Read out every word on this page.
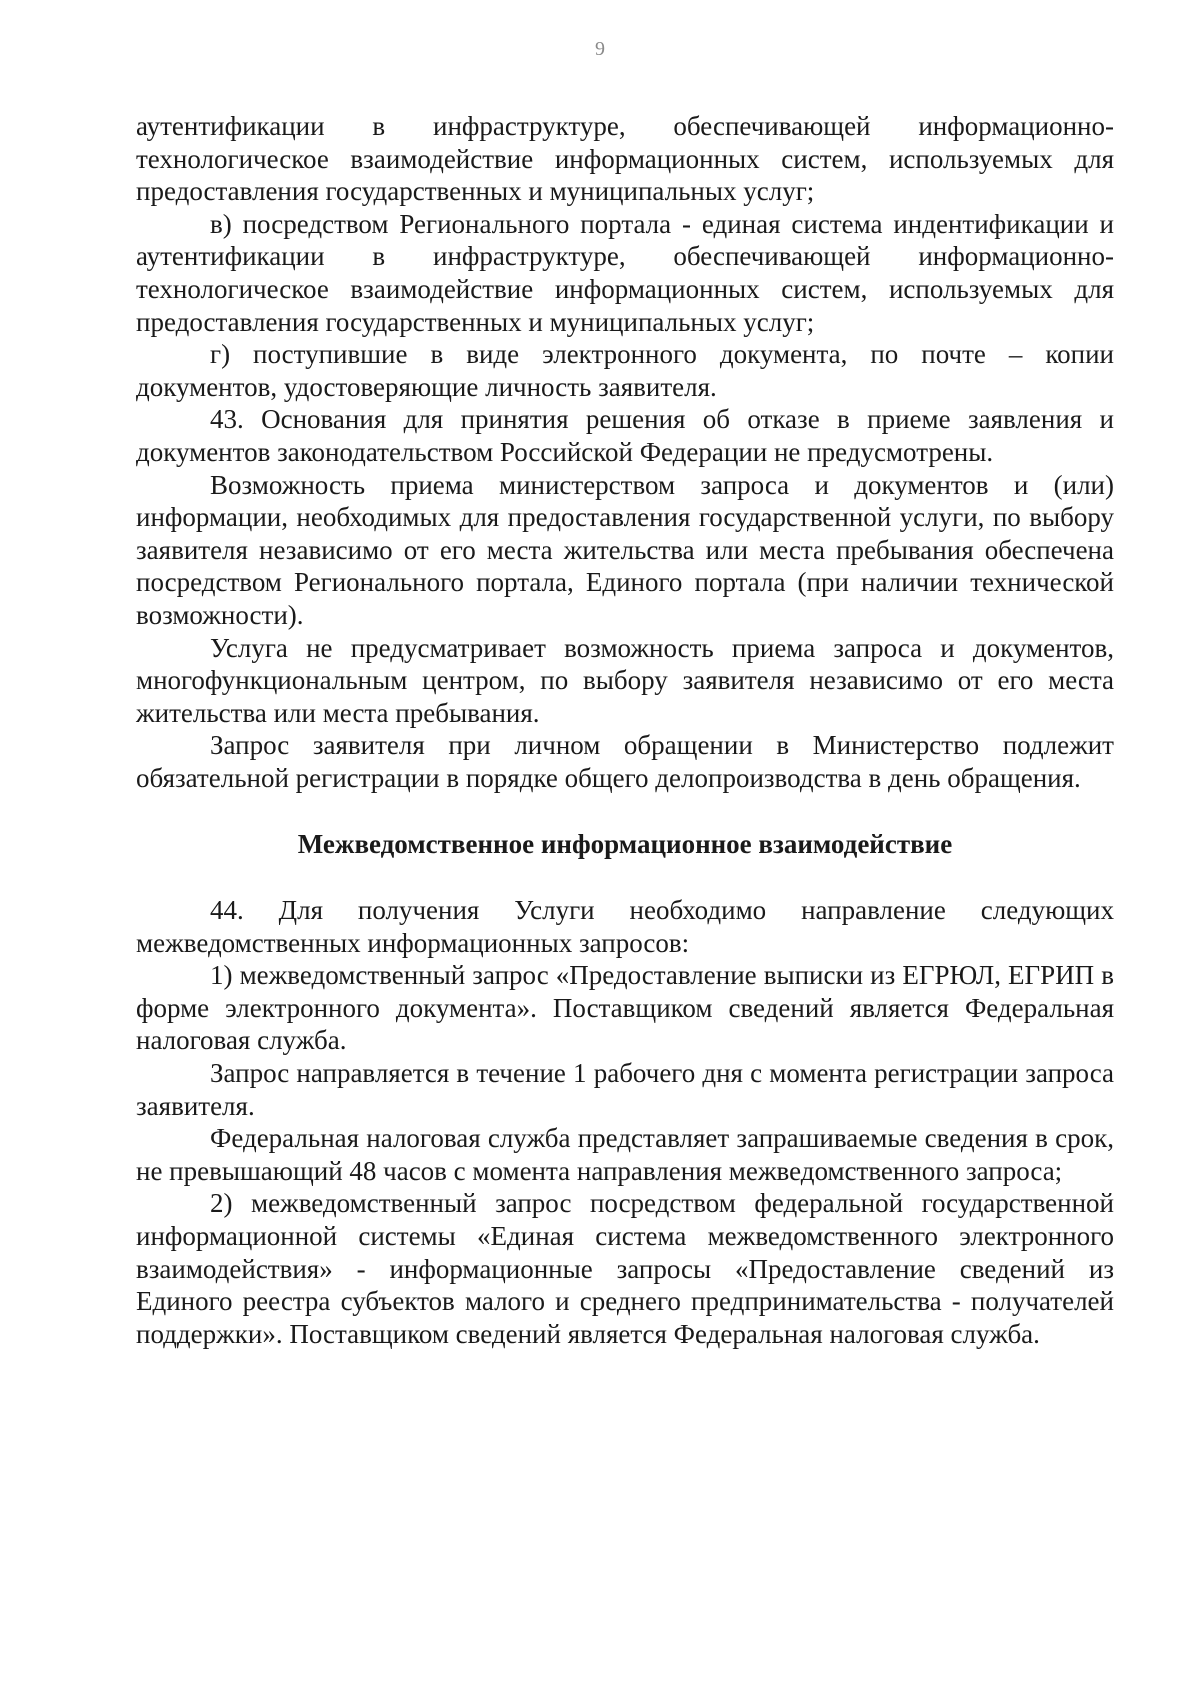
9

аутентификации в инфраструктуре, обеспечивающей информационно-технологическое взаимодействие информационных систем, используемых для предоставления государственных и муниципальных услуг;

в) посредством Регионального портала - единая система индентификации и аутентификации в инфраструктуре, обеспечивающей информационно-технологическое взаимодействие информационных систем, используемых для предоставления государственных и муниципальных услуг;

г) поступившие в виде электронного документа, по почте – копии документов, удостоверяющие личность заявителя.

43. Основания для принятия решения об отказе в приеме заявления и документов законодательством Российской Федерации не предусмотрены.

Возможность приема министерством запроса и документов и (или) информации, необходимых для предоставления государственной услуги, по выбору заявителя независимо от его места жительства или места пребывания обеспечена посредством Регионального портала, Единого портала (при наличии технической возможности).

Услуга не предусматривает возможность приема запроса и документов, многофункциональным центром, по выбору заявителя независимо от его места жительства или места пребывания.

Запрос заявителя при личном обращении в Министерство подлежит обязательной регистрации в порядке общего делопроизводства в день обращения.

Межведомственное информационное взаимодействие

44. Для получения Услуги необходимо направление следующих межведомственных информационных запросов:

1) межведомственный запрос «Предоставление выписки из ЕГРЮЛ, ЕГРИП в форме электронного документа». Поставщиком сведений является Федеральная налоговая служба.

Запрос направляется в течение 1 рабочего дня с момента регистрации запроса заявителя.

Федеральная налоговая служба представляет запрашиваемые сведения в срок, не превышающий 48 часов с момента направления межведомственного запроса;

2) межведомственный запрос посредством федеральной государственной информационной системы «Единая система межведомственного электронного взаимодействия» - информационные запросы «Предоставление сведений из Единого реестра субъектов малого и среднего предпринимательства - получателей поддержки». Поставщиком сведений является Федеральная налоговая служба.
